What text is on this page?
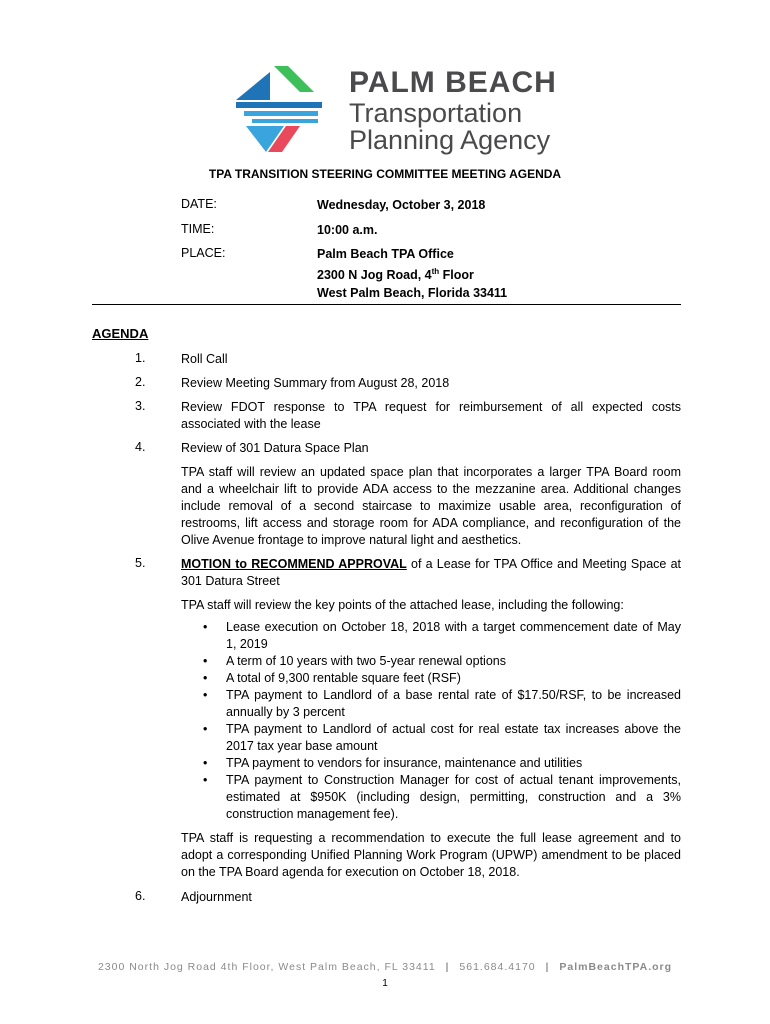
PALM BEACH
Transportation
Planning Agency
TPA TRANSITION STEERING COMMITTEE MEETING AGENDA
DATE:	Wednesday, October 3, 2018
TIME:	10:00 a.m.
PLACE:	Palm Beach TPA Office
2300 N Jog Road, 4th Floor
West Palm Beach, Florida 33411
AGENDA
1.	Roll Call
2.	Review Meeting Summary from August 28, 2018
3.	Review FDOT response to TPA request for reimbursement of all expected costs associated with the lease
4.	Review of 301 Datura Space Plan
TPA staff will review an updated space plan that incorporates a larger TPA Board room and a wheelchair lift to provide ADA access to the mezzanine area. Additional changes include removal of a second staircase to maximize usable area, reconfiguration of restrooms, lift access and storage room for ADA compliance, and reconfiguration of the Olive Avenue frontage to improve natural light and aesthetics.
5.	MOTION to RECOMMEND APPROVAL of a Lease for TPA Office and Meeting Space at 301 Datura Street
TPA staff will review the key points of the attached lease, including the following:
• Lease execution on October 18, 2018 with a target commencement date of May 1, 2019
• A term of 10 years with two 5-year renewal options
• A total of 9,300 rentable square feet (RSF)
• TPA payment to Landlord of a base rental rate of $17.50/RSF, to be increased annually by 3 percent
• TPA payment to Landlord of actual cost for real estate tax increases above the 2017 tax year base amount
• TPA payment to vendors for insurance, maintenance and utilities
• TPA payment to Construction Manager for cost of actual tenant improvements, estimated at $950K (including design, permitting, construction and a 3% construction management fee).
TPA staff is requesting a recommendation to execute the full lease agreement and to adopt a corresponding Unified Planning Work Program (UPWP) amendment to be placed on the TPA Board agenda for execution on October 18, 2018.
6.	Adjournment
2300 North Jog Road 4th Floor, West Palm Beach, FL 33411 | 561.684.4170 | PalmBeachTPA.org
1
